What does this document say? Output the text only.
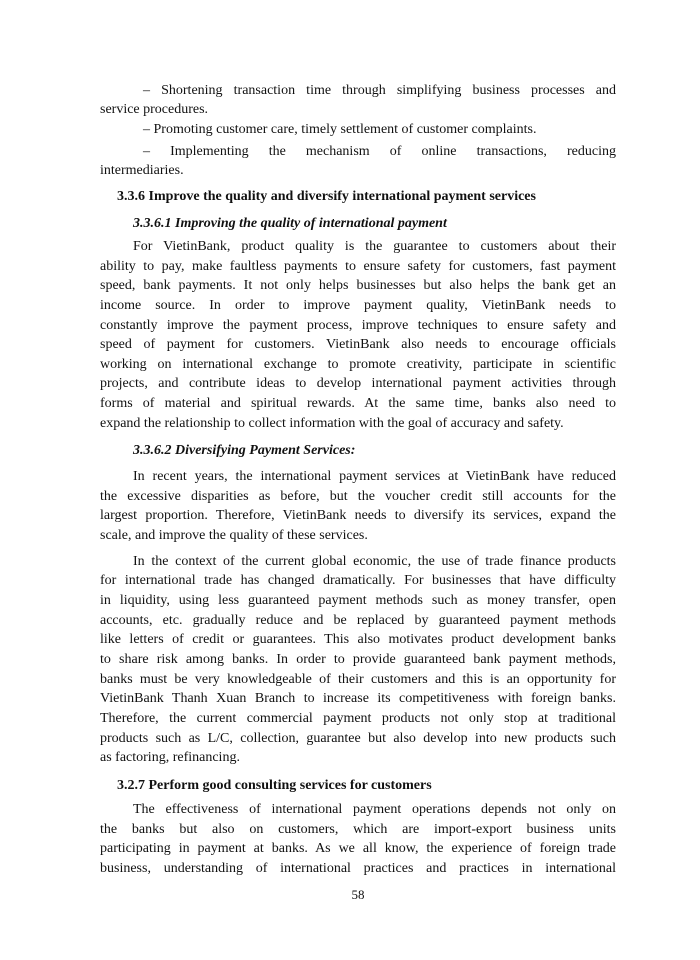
– Shortening transaction time through simplifying business processes and
service procedures.
– Promoting customer care, timely settlement of customer complaints.
– Implementing the mechanism of online transactions, reducing
intermediaries.
3.3.6 Improve the quality and diversify international payment services
3.3.6.1 Improving the quality of international payment
For VietinBank, product quality is the guarantee to customers about their
ability to pay, make faultless payments to ensure safety for customers, fast payment
speed, bank payments. It not only helps businesses but also helps the bank get an
income source. In order to improve payment quality, VietinBank needs to
constantly improve the payment process, improve techniques to ensure safety and
speed of payment for customers. VietinBank also needs to encourage officials
working on international exchange to promote creativity, participate in scientific
projects, and contribute ideas to develop international payment activities through
forms of material and spiritual rewards. At the same time, banks also need to
expand the relationship to collect information with the goal of accuracy and safety.
3.3.6.2 Diversifying Payment Services:
In recent years, the international payment services at VietinBank have reduced
the excessive disparities as before, but the voucher credit still accounts for the
largest proportion. Therefore, VietinBank needs to diversify its services, expand the
scale, and improve the quality of these services.
In the context of the current global economic, the use of trade finance products
for international trade has changed dramatically. For businesses that have difficulty
in liquidity, using less guaranteed payment methods such as money transfer, open
accounts, etc. gradually reduce and be replaced by guaranteed payment methods
like letters of credit or guarantees. This also motivates product development banks
to share risk among banks. In order to provide guaranteed bank payment methods,
banks must be very knowledgeable of their customers and this is an opportunity for
VietinBank Thanh Xuan Branch to increase its competitiveness with foreign banks.
Therefore, the current commercial payment products not only stop at traditional
products such as L/C, collection, guarantee but also develop into new products such
as factoring, refinancing.
3.2.7 Perform good consulting services for customers
The effectiveness of international payment operations depends not only on
the banks but also on customers, which are import-export business units
participating in payment at banks. As we all know, the experience of foreign trade
business, understanding of international practices and practices in international
58
